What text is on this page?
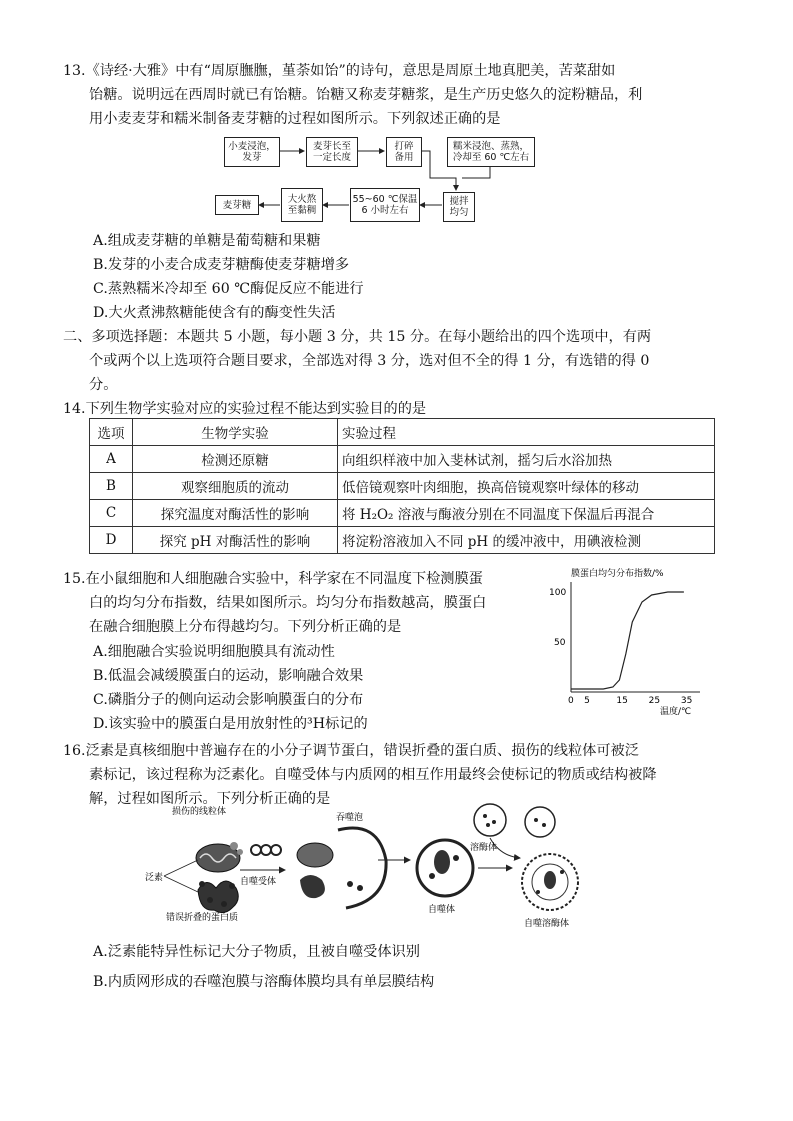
13.《诗经·大雅》中有“周原膴膴，堇荼如饴”的诗句，意思是周原土地真肥美，苦菜甜如
饴糖。说明远在西周时就已有饴糖。饴糖又称麦芽糖浆，是生产历史悠久的淀粉糖品，利
用小麦麦芽和糯米制备麦芽糖的过程如图所示。下列叙述正确的是
小麦浸泡，
发芽
麦芽长至
一定长度
打碎
备用
糯米浸泡、蒸熟，
冷却至 60 ℃左右
搅拌
均匀
55~60 ℃保温
6 小时左右
大火熬
至黏稠
麦芽糖
A.组成麦芽糖的单糖是葡萄糖和果糖
B.发芽的小麦合成麦芽糖酶使麦芽糖增多
C.蒸熟糯米冷却至 60 ℃酶促反应不能进行
D.大火煮沸熬糖能使含有的酶变性失活
二、多项选择题：本题共 5 小题，每小题 3 分，共 15 分。在每小题给出的四个选项中，有两
个或两个以上选项符合题目要求，全部选对得 3 分，选对但不全的得 1 分，有选错的得 0
分。
14.下列生物学实验对应的实验过程不能达到实验目的的是
选项	生物学实验	实验过程
A	检测还原糖	向组织样液中加入斐林试剂，摇匀后水浴加热
B	观察细胞质的流动	低倍镜观察叶肉细胞，换高倍镜观察叶绿体的移动
C	探究温度对酶活性的影响	将 H₂O₂ 溶液与酶液分别在不同温度下保温后再混合
D	探究 pH 对酶活性的影响	将淀粉溶液加入不同 pH 的缓冲液中，用碘液检测
15.在小鼠细胞和人细胞融合实验中，科学家在不同温度下检测膜蛋
白的均匀分布指数，结果如图所示。均匀分布指数越高，膜蛋白
在融合细胞膜上分布得越均匀。下列分析正确的是
A.细胞融合实验说明细胞膜具有流动性
B.低温会减缓膜蛋白的运动，影响融合效果
C.磷脂分子的侧向运动会影响膜蛋白的分布
D.该实验中的膜蛋白是用放射性的³H标记的
膜蛋白均匀分布指数/%
温度/℃
0 5	15 25 35
50
100
16.泛素是真核细胞中普遍存在的小分子调节蛋白，错误折叠的蛋白质、损伤的线粒体可被泛
素标记，该过程称为泛素化。自噬受体与内质网的相互作用最终会使标记的物质或结构被降
解，过程如图所示。下列分析正确的是
损伤的线粒体
泛素
错误折叠的蛋白质
自噬受体
吞噬泡
自噬体
溶酶体
自噬溶酶体
A.泛素能特异性标记大分子物质，且被自噬受体识别
B.内质网形成的吞噬泡膜与溶酶体膜均具有单层膜结构
